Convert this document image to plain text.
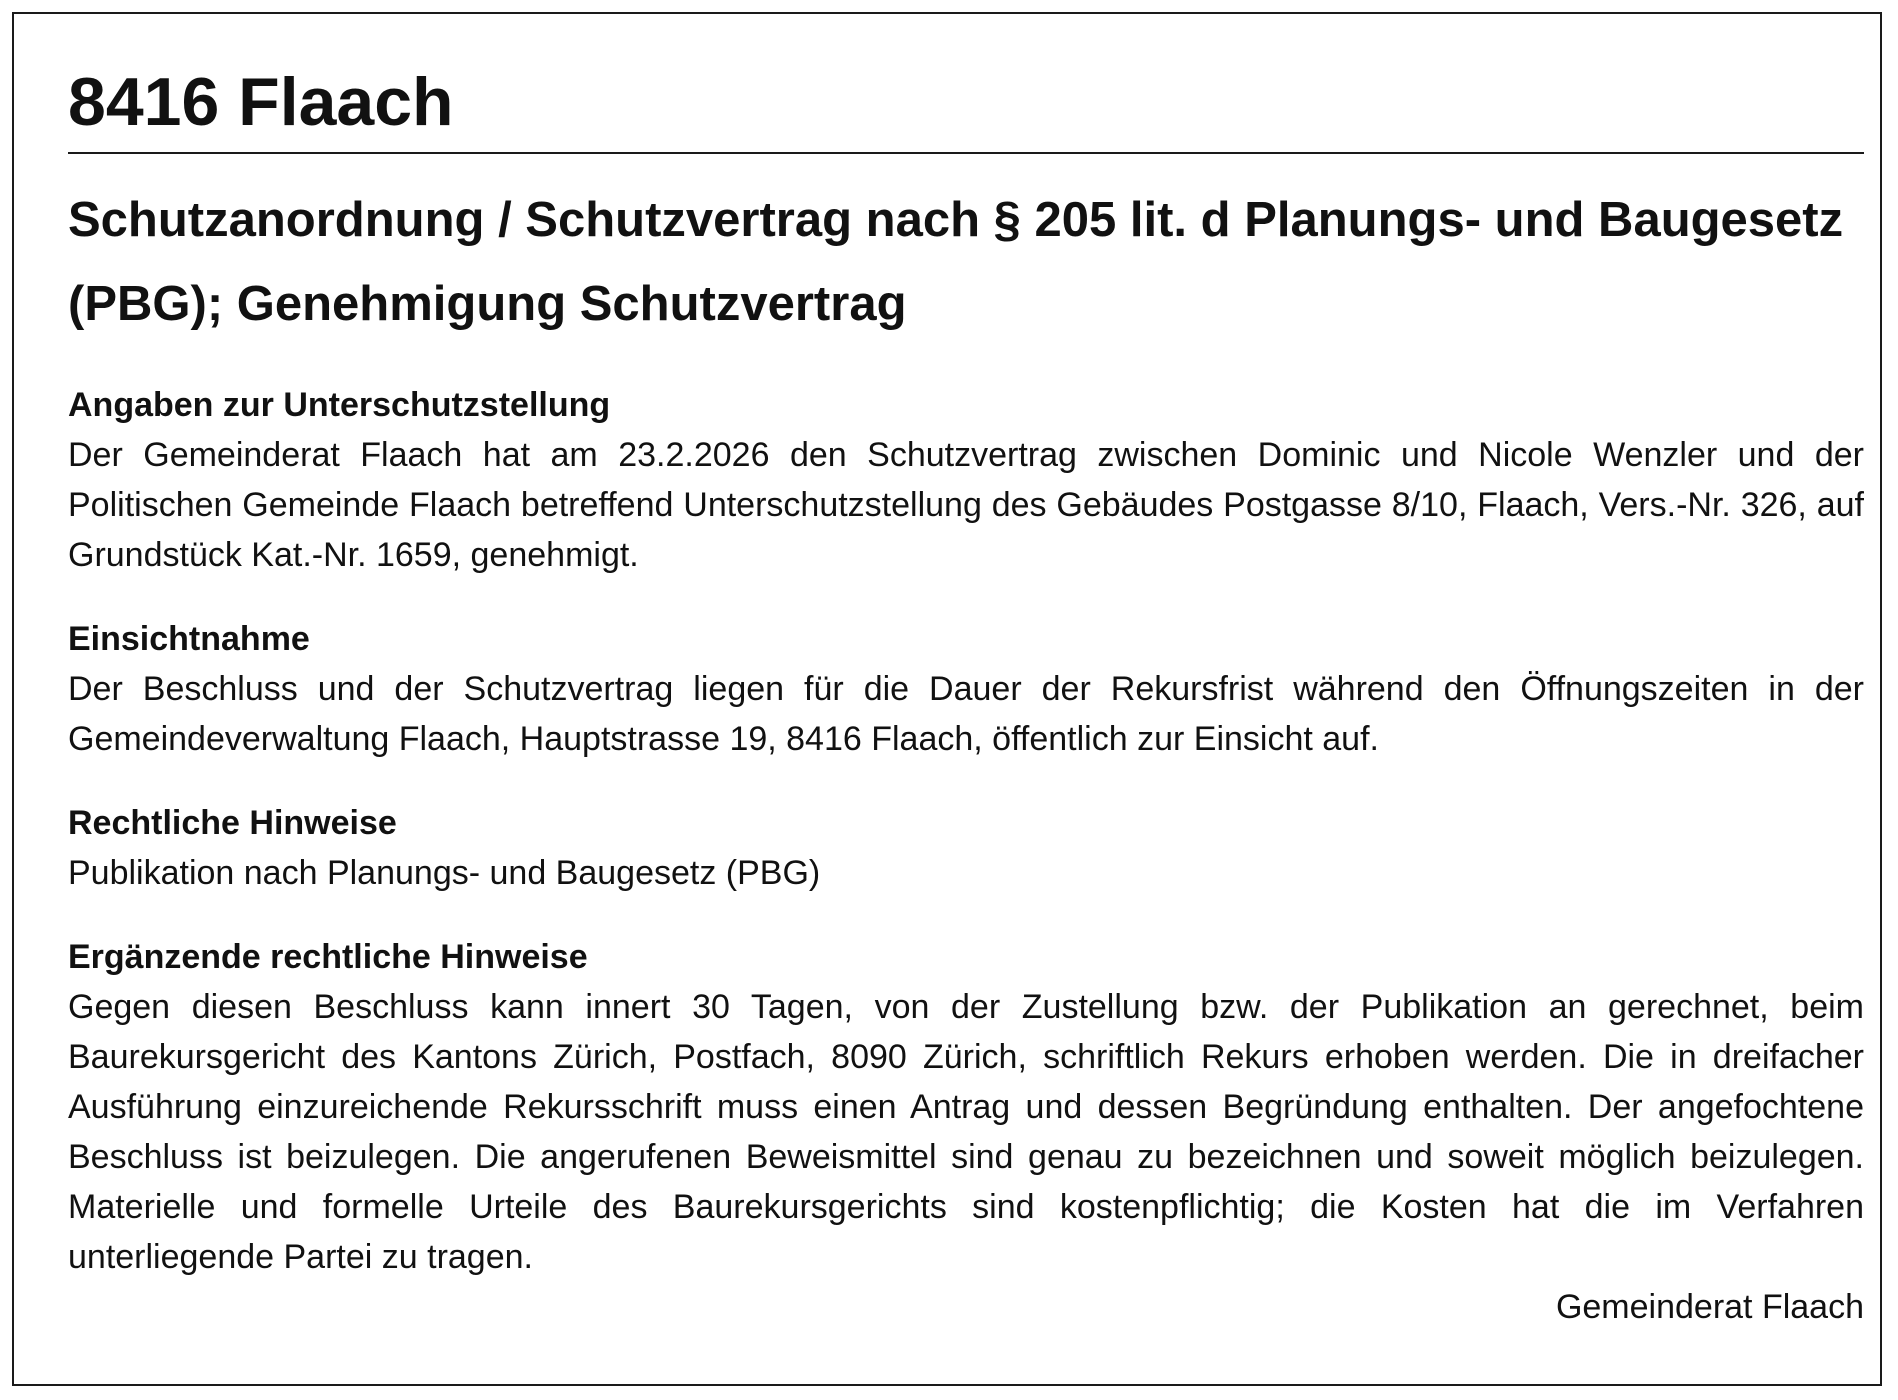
8416 Flaach
Schutzanordnung / Schutzvertrag nach § 205 lit. d Planungs- und Baugesetz (PBG); Genehmigung Schutzvertrag
Angaben zur Unterschutzstellung

Der Gemeinderat Flaach hat am 23.2.2026 den Schutzvertrag zwischen Dominic und Nicole Wenzler und der Politischen Gemeinde Flaach betreffend Unterschutzstellung des Gebäudes Postgasse 8/10, Flaach, Vers.-Nr. 326, auf Grundstück Kat.-Nr. 1659, genehmigt.

Einsichtnahme

Der Beschluss und der Schutzvertrag liegen für die Dauer der Rekursfrist während den Öffnungszeiten in der Gemeindeverwaltung Flaach, Hauptstrasse 19, 8416 Flaach, öffentlich zur Einsicht auf.

Rechtliche Hinweise

Publikation nach Planungs- und Baugesetz (PBG)

Ergänzende rechtliche Hinweise

Gegen diesen Beschluss kann innert 30 Tagen, von der Zustellung bzw. der Publikation an gerechnet, beim Baurekursgericht des Kantons Zürich, Postfach, 8090 Zürich, schriftlich Rekurs erhoben werden. Die in dreifacher Ausführung einzureichende Rekursschrift muss einen Antrag und dessen Begründung enthalten. Der angefochtene Beschluss ist beizulegen. Die angerufenen Beweismittel sind genau zu bezeichnen und soweit möglich beizulegen. Materielle und formelle Urteile des Baurekursgerichts sind kostenpflichtig; die Kosten hat die im Verfahren unterliegende Partei zu tragen.

Gemeinderat Flaach
